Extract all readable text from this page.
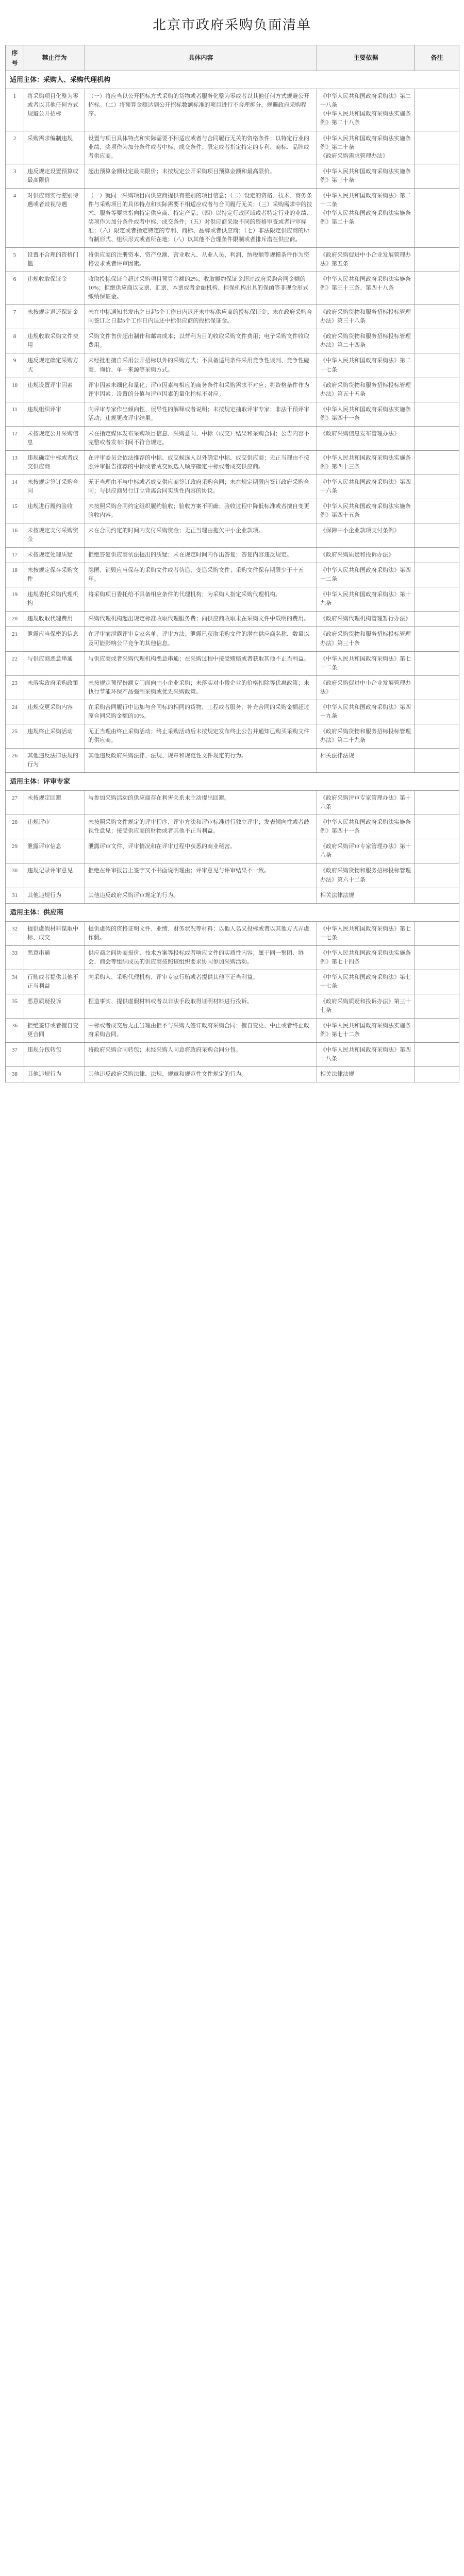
北京市政府采购负面清单
序号	禁止行为	具体内容	主要依据	备注
适用主体：采购人、采购代理机构				
1	将采购项目化整为零或者以其他任何方式规避公开招标	（一）将应当以公开招标方式采购的货物或者服务化整为零或者以其他任何方式规避公开招标。（二）将预算金额达到公开招标数额标准的项目进行不合理拆分，规避政府采购程序。	《中华人民共和国政府采购法》第二十八条
《中华人民共和国政府采购法实施条例》第二十八条	
2	采购需求编制违规	设置与项目具体特点和实际需要不相适应或者与合同履行无关的资格条件；以特定行业的业绩、奖项作为加分条件或者中标、成交条件；限定或者指定特定的专利、商标、品牌或者供应商。	《中华人民共和国政府采购法实施条例》第二十条
《政府采购需求管理办法》	
3	违反规定设置预算或最高限价	超出预算金额设定最高限价；未按规定公开采购项目预算金额和最高限价。	《中华人民共和国政府采购法实施条例》第三十条	
4	对供应商实行差别待遇或者歧视待遇	（一）就同一采购项目向供应商提供有差别的项目信息；（二）设定的资格、技术、商务条件与采购项目的具体特点和实际需要不相适应或者与合同履行无关；（三）采购需求中的技术、服务等要求指向特定供应商、特定产品；（四）以特定行政区域或者特定行业的业绩、奖项作为加分条件或者中标、成交条件；（五）对供应商采取不同的资格审查或者评审标准；（六）限定或者指定特定的专利、商标、品牌或者供应商；（七）非法限定供应商的所有制形式、组织形式或者所在地；（八）以其他不合理条件限制或者排斥潜在供应商。	《中华人民共和国政府采购法》第二十二条
《中华人民共和国政府采购法实施条例》第二十条	
5	设置不合理的资格门槛	将供应商的注册资本、资产总额、营业收入、从业人员、利润、纳税额等规模条件作为资格要求或者评审因素。	《政府采购促进中小企业发展管理办法》第五条	
6	违规收取保证金	收取投标保证金超过采购项目预算金额的2%；收取履约保证金超过政府采购合同金额的10%；拒绝供应商以支票、汇票、本票或者金融机构、担保机构出具的保函等非现金形式缴纳保证金。	《中华人民共和国政府采购法实施条例》第三十三条、第四十八条	
7	未按规定退还保证金	未在中标通知书发出之日起5个工作日内退还未中标供应商的投标保证金；未在政府采购合同签订之日起5个工作日内退还中标供应商的投标保证金。	《政府采购货物和服务招标投标管理办法》第三十八条	
8	违规收取采购文件费用	采购文件售价超出制作和邮寄成本；以营利为目的收取采购文件费用；电子采购文件收取费用。	《政府采购货物和服务招标投标管理办法》第二十四条	
9	违反规定确定采购方式	未经批准擅自采用公开招标以外的采购方式；不具备适用条件采用竞争性谈判、竞争性磋商、询价、单一来源等采购方式。	《中华人民共和国政府采购法》第二十七条	
10	违规设置评审因素	评审因素未细化和量化；评审因素与相应的商务条件和采购需求不对应；将资格条件作为评审因素；设置的分值与评审因素的量化指标不对应。	《政府采购货物和服务招标投标管理办法》第五十五条	
11	违规组织评审	向评审专家作出倾向性、误导性的解释或者说明；未按规定抽取评审专家；非法干预评审活动；违规更改评审结果。	《中华人民共和国政府采购法实施条例》第四十一条	
12	未按规定公开采购信息	未在指定媒体发布采购项目信息、采购意向、中标（成交）结果和采购合同；公告内容不完整或者发布时间不符合规定。	《政府采购信息发布管理办法》	
13	违规确定中标或者成交供应商	在评审委员会依法推荐的中标、成交候选人以外确定中标、成交供应商；无正当理由不按照评审报告推荐的中标或者成交候选人顺序确定中标或者成交供应商。	《中华人民共和国政府采购法实施条例》第四十三条	
14	未按规定签订采购合同	无正当理由不与中标或者成交供应商签订政府采购合同；未在规定期限内签订政府采购合同；与供应商另行订立背离合同实质性内容的协议。	《中华人民共和国政府采购法》第四十六条	
15	违规进行履约验收	未按照采购合同约定组织履约验收；验收方案不明确；验收过程中降低标准或者擅自变更验收内容。	《中华人民共和国政府采购法实施条例》第四十五条	
16	未按规定支付采购资金	未在合同约定的时间内支付采购资金；无正当理由拖欠中小企业款项。	《保障中小企业款项支付条例》	
17	未按规定处理质疑	拒绝答复供应商依法提出的质疑；未在规定时间内作出答复；答复内容违反规定。	《政府采购质疑和投诉办法》	
18	未按规定保存采购文件	隐匿、销毁应当保存的采购文件或者伪造、变造采购文件；采购文件保存期限少于十五年。	《中华人民共和国政府采购法》第四十二条	
19	违规委托采购代理机构	将采购项目委托给不具备相应条件的代理机构；为采购人指定采购代理机构。	《中华人民共和国政府采购法》第十九条	
20	违规收取代理费用	采购代理机构超出规定标准收取代理服务费；向供应商收取未在采购文件中载明的费用。	《政府采购代理机构管理暂行办法》	
21	泄露应当保密的信息	在评审前泄露评审专家名单、评审方法；泄露已获取采购文件的潜在供应商名称、数量以及可能影响公平竞争的其他信息。	《政府采购货物和服务招标投标管理办法》第三十条	
22	与供应商恶意串通	与供应商或者采购代理机构恶意串通；在采购过程中接受贿赂或者获取其他不正当利益。	《中华人民共和国政府采购法》第七十二条	
23	未落实政府采购政策	未按规定预留份额专门面向中小企业采购；未落实对小微企业的价格扣除等优惠政策；未执行节能环保产品强制采购或优先采购政策。	《政府采购促进中小企业发展管理办法》	
24	违规变更采购内容	在采购合同履行中追加与合同标的相同的货物、工程或者服务，补充合同的采购金额超过原合同采购金额的10%。	《中华人民共和国政府采购法》第四十九条	
25	违规终止采购活动	无正当理由终止采购活动；终止采购活动后未按规定发布终止公告并通知已购买采购文件的供应商。	《政府采购货物和服务招标投标管理办法》第二十九条	
26	其他违反法律法规的行为	其他违反政府采购法律、法规、规章和规范性文件规定的行为。	相关法律法规	
适用主体：评审专家				
27	未按规定回避	与参加采购活动的供应商存在利害关系未主动提出回避。	《政府采购评审专家管理办法》第十六条	
28	违规评审	未按照采购文件规定的评审程序、评审方法和评审标准进行独立评审；发表倾向性或者歧视性意见；接受供应商的财物或者其他不正当利益。	《中华人民共和国政府采购法实施条例》第四十一条	
29	泄露评审信息	泄露评审文件、评审情况和在评审过程中获悉的商业秘密。	《政府采购评审专家管理办法》第十八条	
30	违规记录评审意见	拒绝在评审报告上签字又不书面说明理由；评审意见与评审结果不一致。	《政府采购货物和服务招标投标管理办法》第六十二条	
31	其他违规行为	其他违反政府采购评审规定的行为。	相关法律法规	
适用主体：供应商				
32	提供虚假材料谋取中标、成交	提供虚假的资格证明文件、业绩、财务状况等材料；以他人名义投标或者以其他方式弄虚作假。	《中华人民共和国政府采购法》第七十七条	
33	恶意串通	供应商之间协商报价、技术方案等投标或者响应文件的实质性内容；属于同一集团、协会、商会等组织成员的供应商按照该组织要求协同参加采购活动。	《中华人民共和国政府采购法实施条例》第七十四条	
34	行贿或者提供其他不正当利益	向采购人、采购代理机构、评审专家行贿或者提供其他不正当利益。	《中华人民共和国政府采购法》第七十七条	
35	恶意质疑投诉	捏造事实、提供虚假材料或者以非法手段取得证明材料进行投诉。	《政府采购质疑和投诉办法》第三十七条	
36	拒绝签订或者擅自变更合同	中标或者成交后无正当理由拒不与采购人签订政府采购合同；擅自变更、中止或者终止政府采购合同。	《中华人民共和国政府采购法实施条例》第七十二条	
37	违规分包转包	将政府采购合同转包；未经采购人同意将政府采购合同分包。	《中华人民共和国政府采购法》第四十八条	
38	其他违规行为	其他违反政府采购法律、法规、规章和规范性文件规定的行为。	相关法律法规	
